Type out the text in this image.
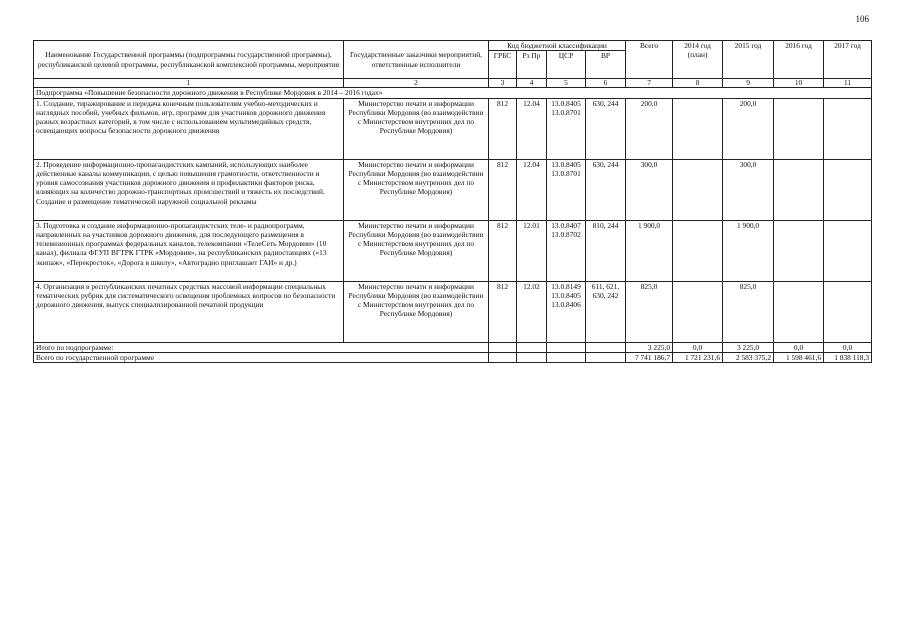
106
Наименование Государственной программы (подпрограммы государственной программы), республиканской целевой программы, республиканской комплексной программы, мероприятия	Государственные заказчики мероприятий, ответственные исполнители	Код бюджетной классификации				Всего	2014 год (план)	2015 год	2016 год	2017 год
		ГРБС	Рз Пр	ЦСР	ВР					
1	2	3	4	5	6	7	8	9	10	11
Подпрограмма «Повышение безопасности дорожного движения в Республике Мордовия в 2014 – 2016 годах»										
1. Создание, тиражирование и передача конечным пользователям учебно-методических и наглядных пособий, учебных фильмов, игр, программ для участников дорожного движения разных возрастных категорий, в том числе с использованием мультимедийных средств, освещающих вопросы безопасности дорожного движения	Министерство печати и информации Республики Мордовия (во взаимодействии с Министерством внутренних дел по Республике Мордовия)	812	12.04	13.0.8405 13.0.8701	630, 244	200,0		200,0		
2. Проведение информационно-пропагандистских кампаний, использующих наиболее действенные каналы коммуникации, с целью повышения грамотности, ответственности и уровня самосознания участников дорожного движения и профилактики факторов риска, влияющих на количество дорожно-транспортных происшествий и тяжесть их последствий. Создание и размещение тематической наружной социальной рекламы	Министерство печати и информации Республики Мордовия (во взаимодействии с Министерством внутренних дел по Республике Мордовия)	812	12.04	13.0.8405 13.0.8701	630, 244	300,0		300,0		
3. Подготовка и создание информационно-пропагандистских теле- и радиопрограмм, направленных на участников дорожного движения, для последующего размещения в телевизионных программах федеральных каналов, телекомпании «ТелеСеть Мордовии» (10 канал), филиала ФГУП ВГТРК ГТРК «Мордовия», на республиканских радиостанциях («13 экипаж», «Перекресток», «Дорога в школу», «Автоградио приглашает ГАИ» и др.)	Министерство печати и информации Республики Мордовия (во взаимодействии с Министерством внутренних дел по Республике Мордовия)	812	12.01	13.0.8407 13.0.8702	810, 244	1 900,0		1 900,0		
4. Организация в республиканских печатных средствах массовой информации специальных тематических рубрик для систематического освещения проблемных вопросов по безопасности дорожного движения, выпуск специализированной печатной продукции	Министерство печати и информации Республики Мордовия (во взаимодействии с Министерством внутренних дел по Республике Мордовия)	812	12.02	13.0.8149 13.0.8405 13.0.8406	611, 621, 630, 242	825,0		825,0		
Итого по подпрограмме:						3 225,0	0,0	3 225,0	0,0	0,0
Всего по государственной программе						7 741 186,7	1 721 231,6	2 583 375,2	1 598 461,6	1 838 118,3
